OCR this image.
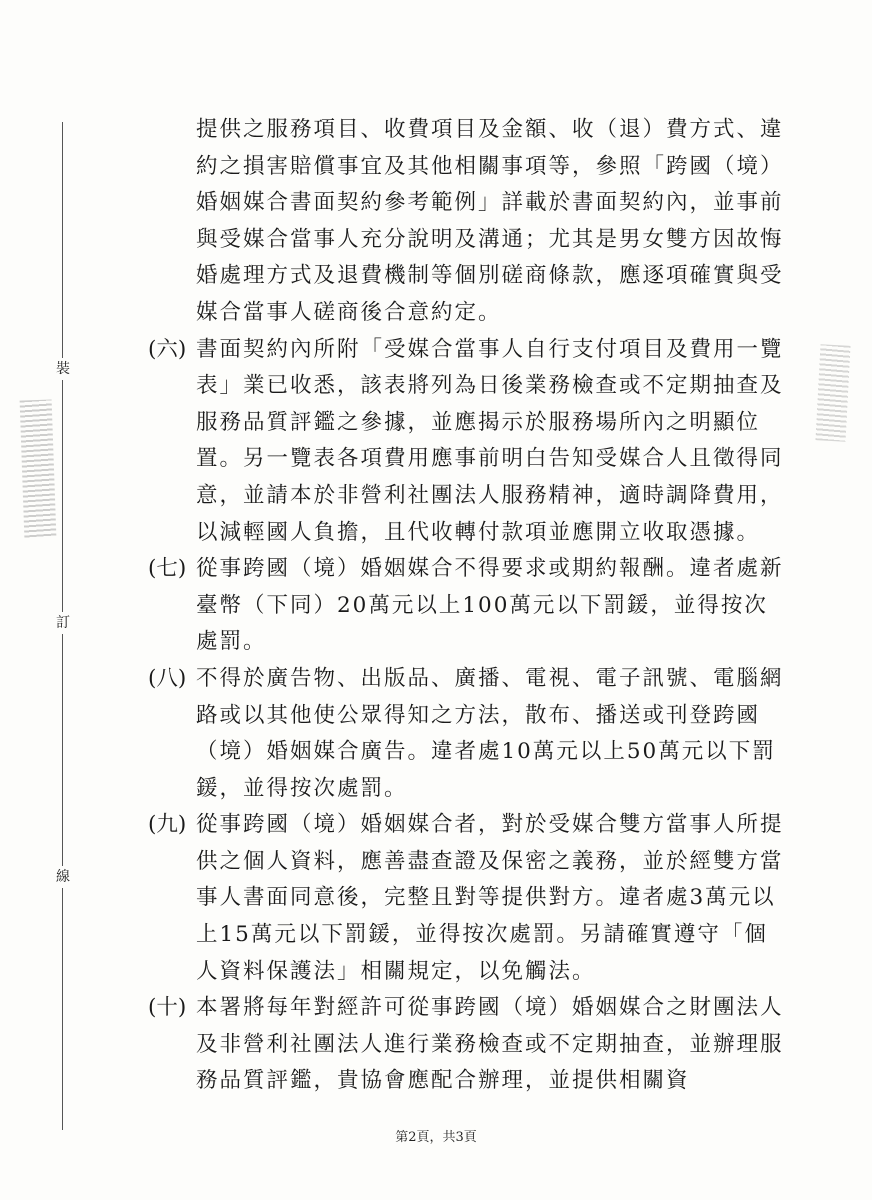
裝
訂
線
提供之服務項目、收費項目及金額、收（退）費方式、違約之損害賠償事宜及其他相關事項等，參照「跨國（境）婚姻媒合書面契約參考範例」詳載於書面契約內，並事前與受媒合當事人充分說明及溝通；尤其是男女雙方因故悔婚處理方式及退費機制等個別磋商條款，應逐項確實與受媒合當事人磋商後合意約定。
(六) 書面契約內所附「受媒合當事人自行支付項目及費用一覽表」業已收悉，該表將列為日後業務檢查或不定期抽查及服務品質評鑑之參據，並應揭示於服務場所內之明顯位置。另一覽表各項費用應事前明白告知受媒合人且徵得同意，並請本於非營利社團法人服務精神，適時調降費用，以減輕國人負擔，且代收轉付款項並應開立收取憑據。
(七) 從事跨國（境）婚姻媒合不得要求或期約報酬。違者處新臺幣（下同）20萬元以上100萬元以下罰鍰，並得按次處罰。
(八) 不得於廣告物、出版品、廣播、電視、電子訊號、電腦網路或以其他使公眾得知之方法，散布、播送或刊登跨國（境）婚姻媒合廣告。違者處10萬元以上50萬元以下罰鍰，並得按次處罰。
(九) 從事跨國（境）婚姻媒合者，對於受媒合雙方當事人所提供之個人資料，應善盡查證及保密之義務，並於經雙方當事人書面同意後，完整且對等提供對方。違者處3萬元以上15萬元以下罰鍰，並得按次處罰。另請確實遵守「個人資料保護法」相關規定，以免觸法。
(十) 本署將每年對經許可從事跨國（境）婚姻媒合之財團法人及非營利社團法人進行業務檢查或不定期抽查，並辦理服務品質評鑑，貴協會應配合辦理，並提供相關資
第2頁，共3頁
